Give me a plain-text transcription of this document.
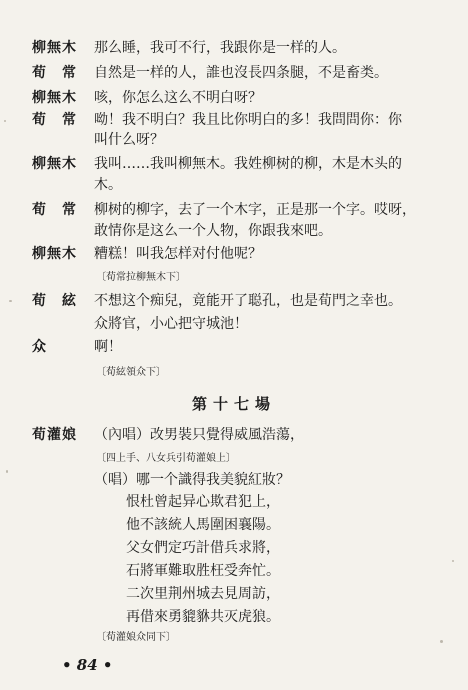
柳無木 那么睡，我可不行，我跟你是一样的人。
荀　常 自然是一样的人，誰也沒長四条腿，不是畜类。
柳無木 咳，你怎么这么不明白呀？
荀　常 呦！我不明白？我且比你明白的多！我問問你：你
叫什么呀？
柳無木 我叫……我叫柳無木。我姓柳树的柳，木是木头的
木。
荀　常 柳树的柳字，去了一个木字，正是那一个字。哎呀，
敢情你是这么一个人物，你跟我來吧。
柳無木 糟糕！叫我怎样对付他呢？
〔荀常拉柳無木下〕
荀　絃 不想这个痴兒，竟能开了聪孔，也是荀門之幸也。
众將官，小心把守城池！
众	啊！
〔荀絃領众下〕
第十七場
荀灌娘 （內唱）改男裝只覺得威風浩蕩，
〔四上手、八女兵引荀灌娘上〕
（唱）哪一个識得我美貌紅妝？
恨杜曾起异心欺君犯上，
他不該統人馬圍困襄陽。
父女們定巧計借兵求將，
石將軍難取胜枉受奔忙。
二次里荆州城去見周訪，
再借來勇貔貅共灭虎狼。
〔荀灌娘众同下〕
• 84 •
